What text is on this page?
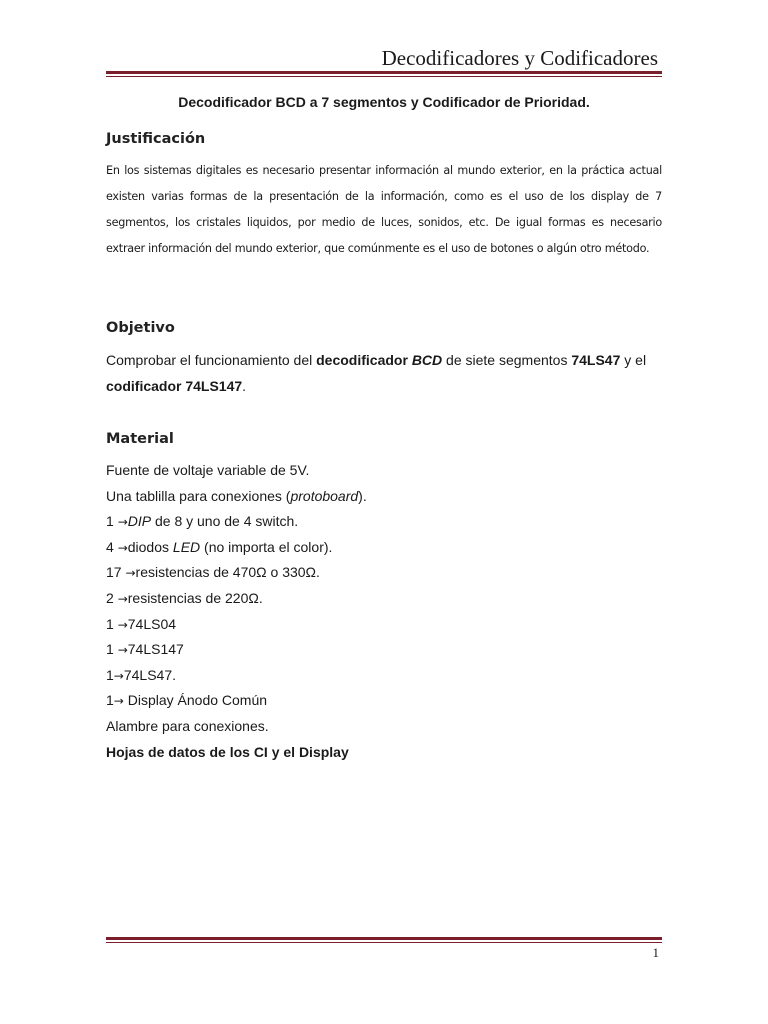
Decodificadores y Codificadores
Decodificador BCD a 7 segmentos y Codificador de Prioridad.
Justificación
En los sistemas digitales es necesario presentar información al mundo exterior, en la práctica actual existen varias formas de la presentación de la información, como es el uso de los display de 7 segmentos, los cristales liquidos, por medio de luces, sonidos, etc. De igual formas es necesario extraer información del mundo exterior, que comúnmente es el uso de botones o algún otro método.
Objetivo
Comprobar el funcionamiento del decodificador BCD de siete segmentos 74LS47 y el codificador 74LS147.
Material
Fuente de voltaje variable de 5V.
Una tablilla para conexiones (protoboard).
1 →DIP de 8 y uno de 4 switch.
4 →diodos LED (no importa el color).
17 →resistencias de 470Ω o 330Ω.
2 →resistencias de 220Ω.
1 →74LS04
1 →74LS147
1→74LS47.
1→ Display Ánodo Común
Alambre para conexiones.
Hojas de datos de los CI y el Display
1
